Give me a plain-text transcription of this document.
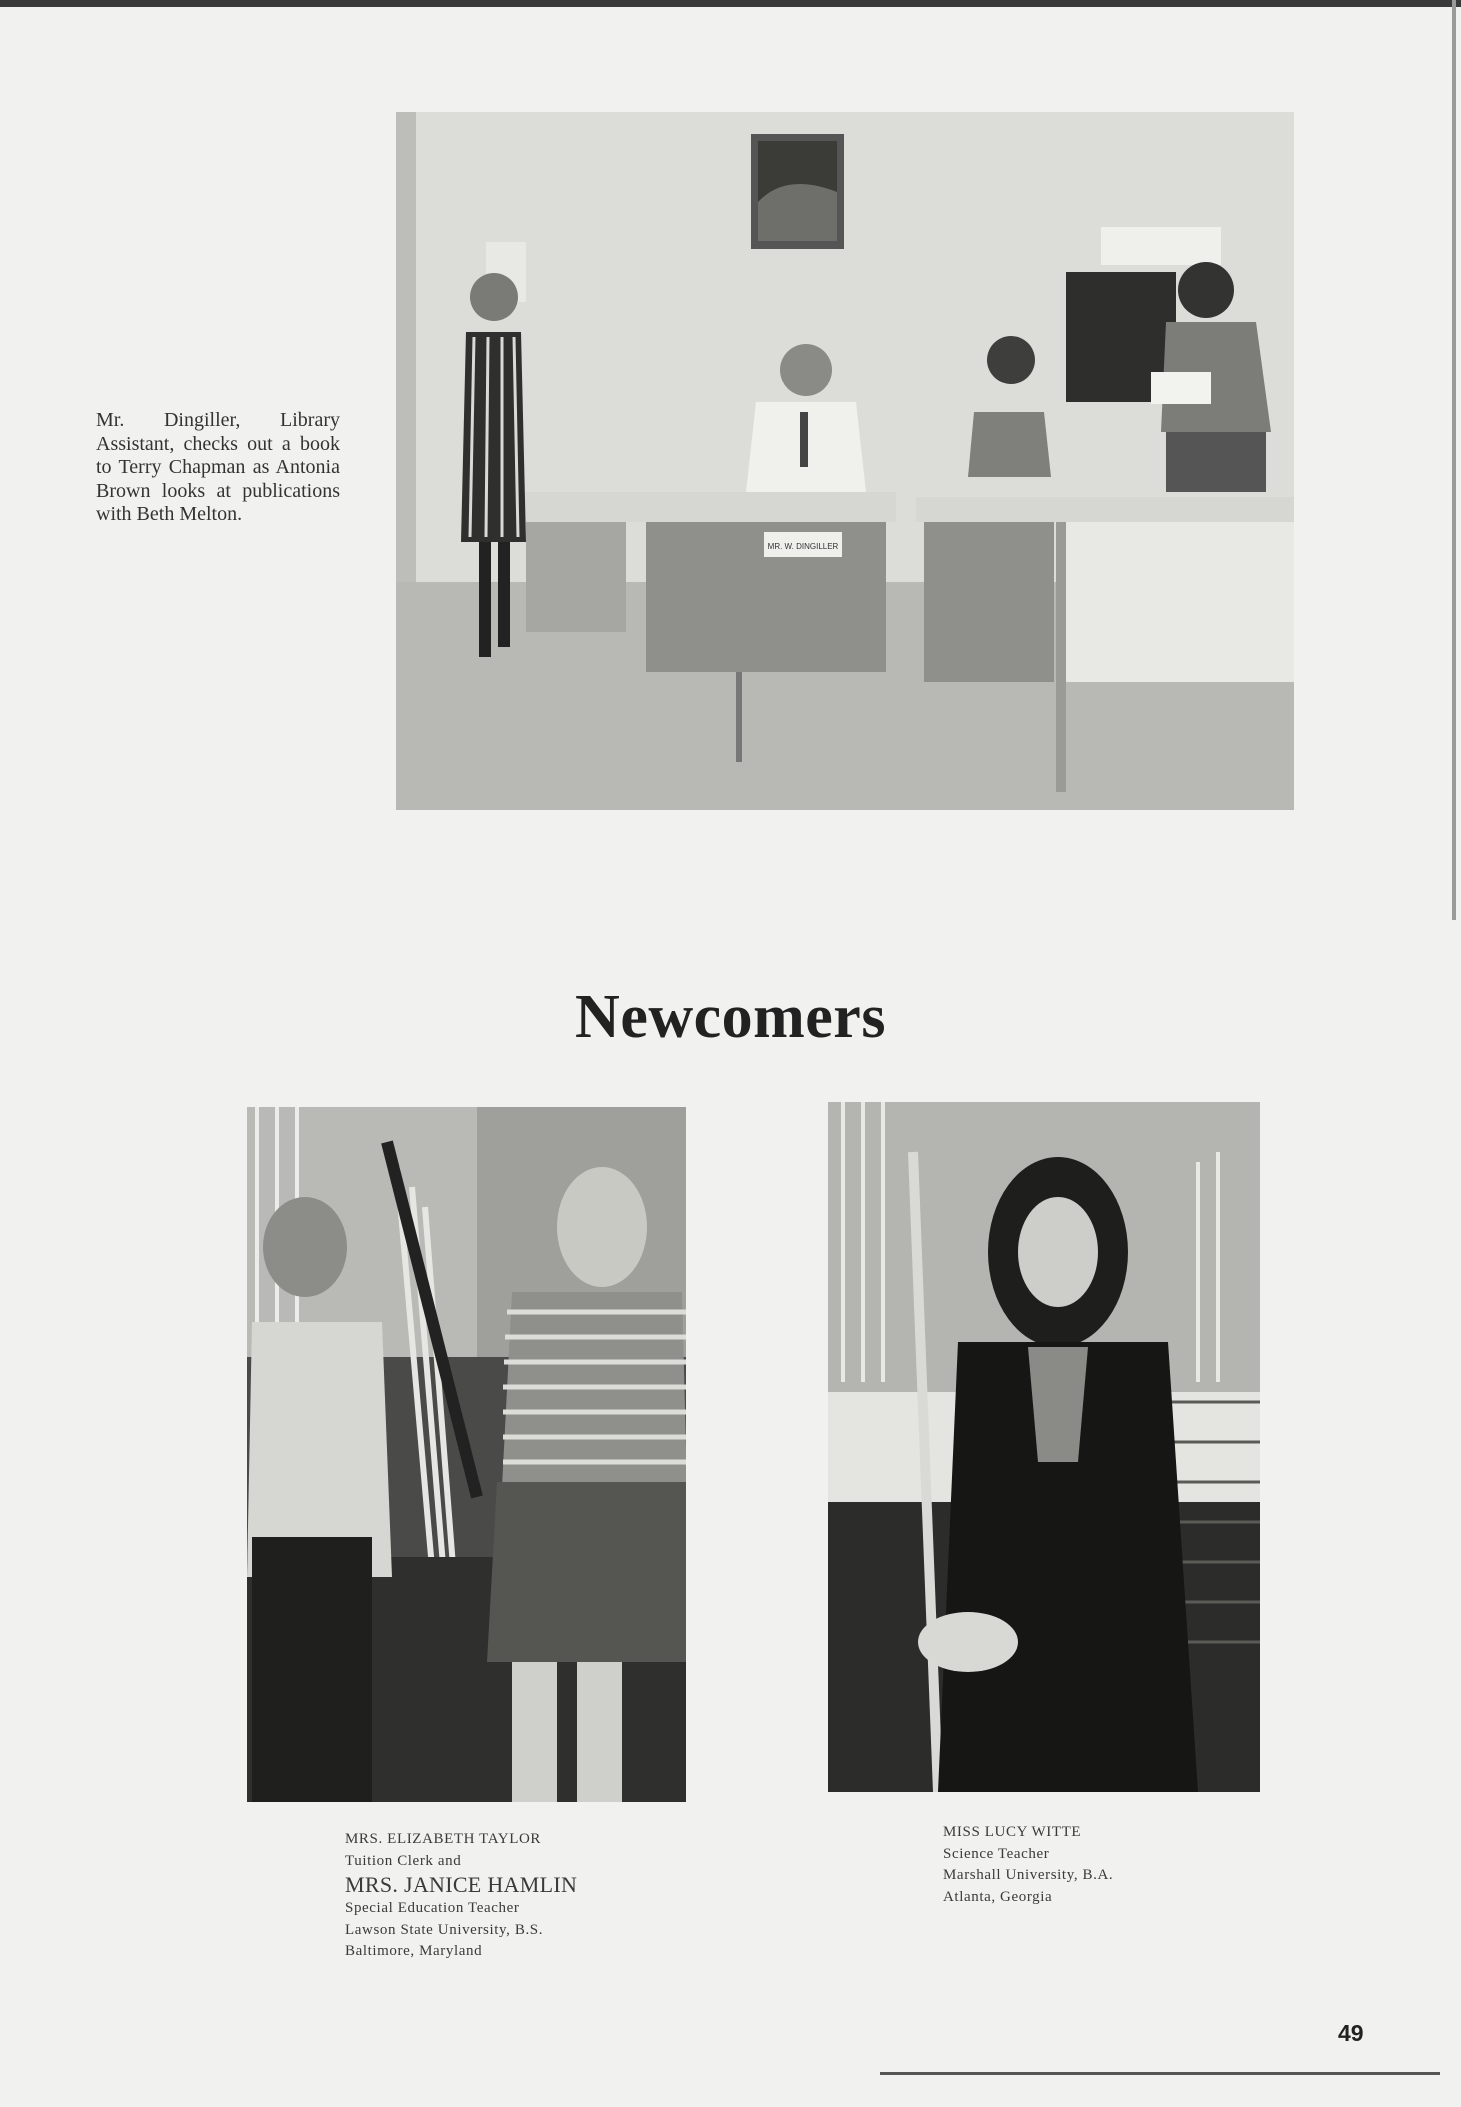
MR. W. DINGILLER

Mr. Dingiller, Library Assistant, checks out a book to Terry Chapman as Antonia Brown looks at publications with Beth Melton.

Newcomers
MRS. ELIZABETH TAYLOR
Tuition Clerk and
MRS. JANICE HAMLIN
Special Education Teacher
Lawson State University, B.S.
Baltimore, Maryland
MISS LUCY WITTE
Science Teacher
Marshall University, B.A.
Atlanta, Georgia
49
